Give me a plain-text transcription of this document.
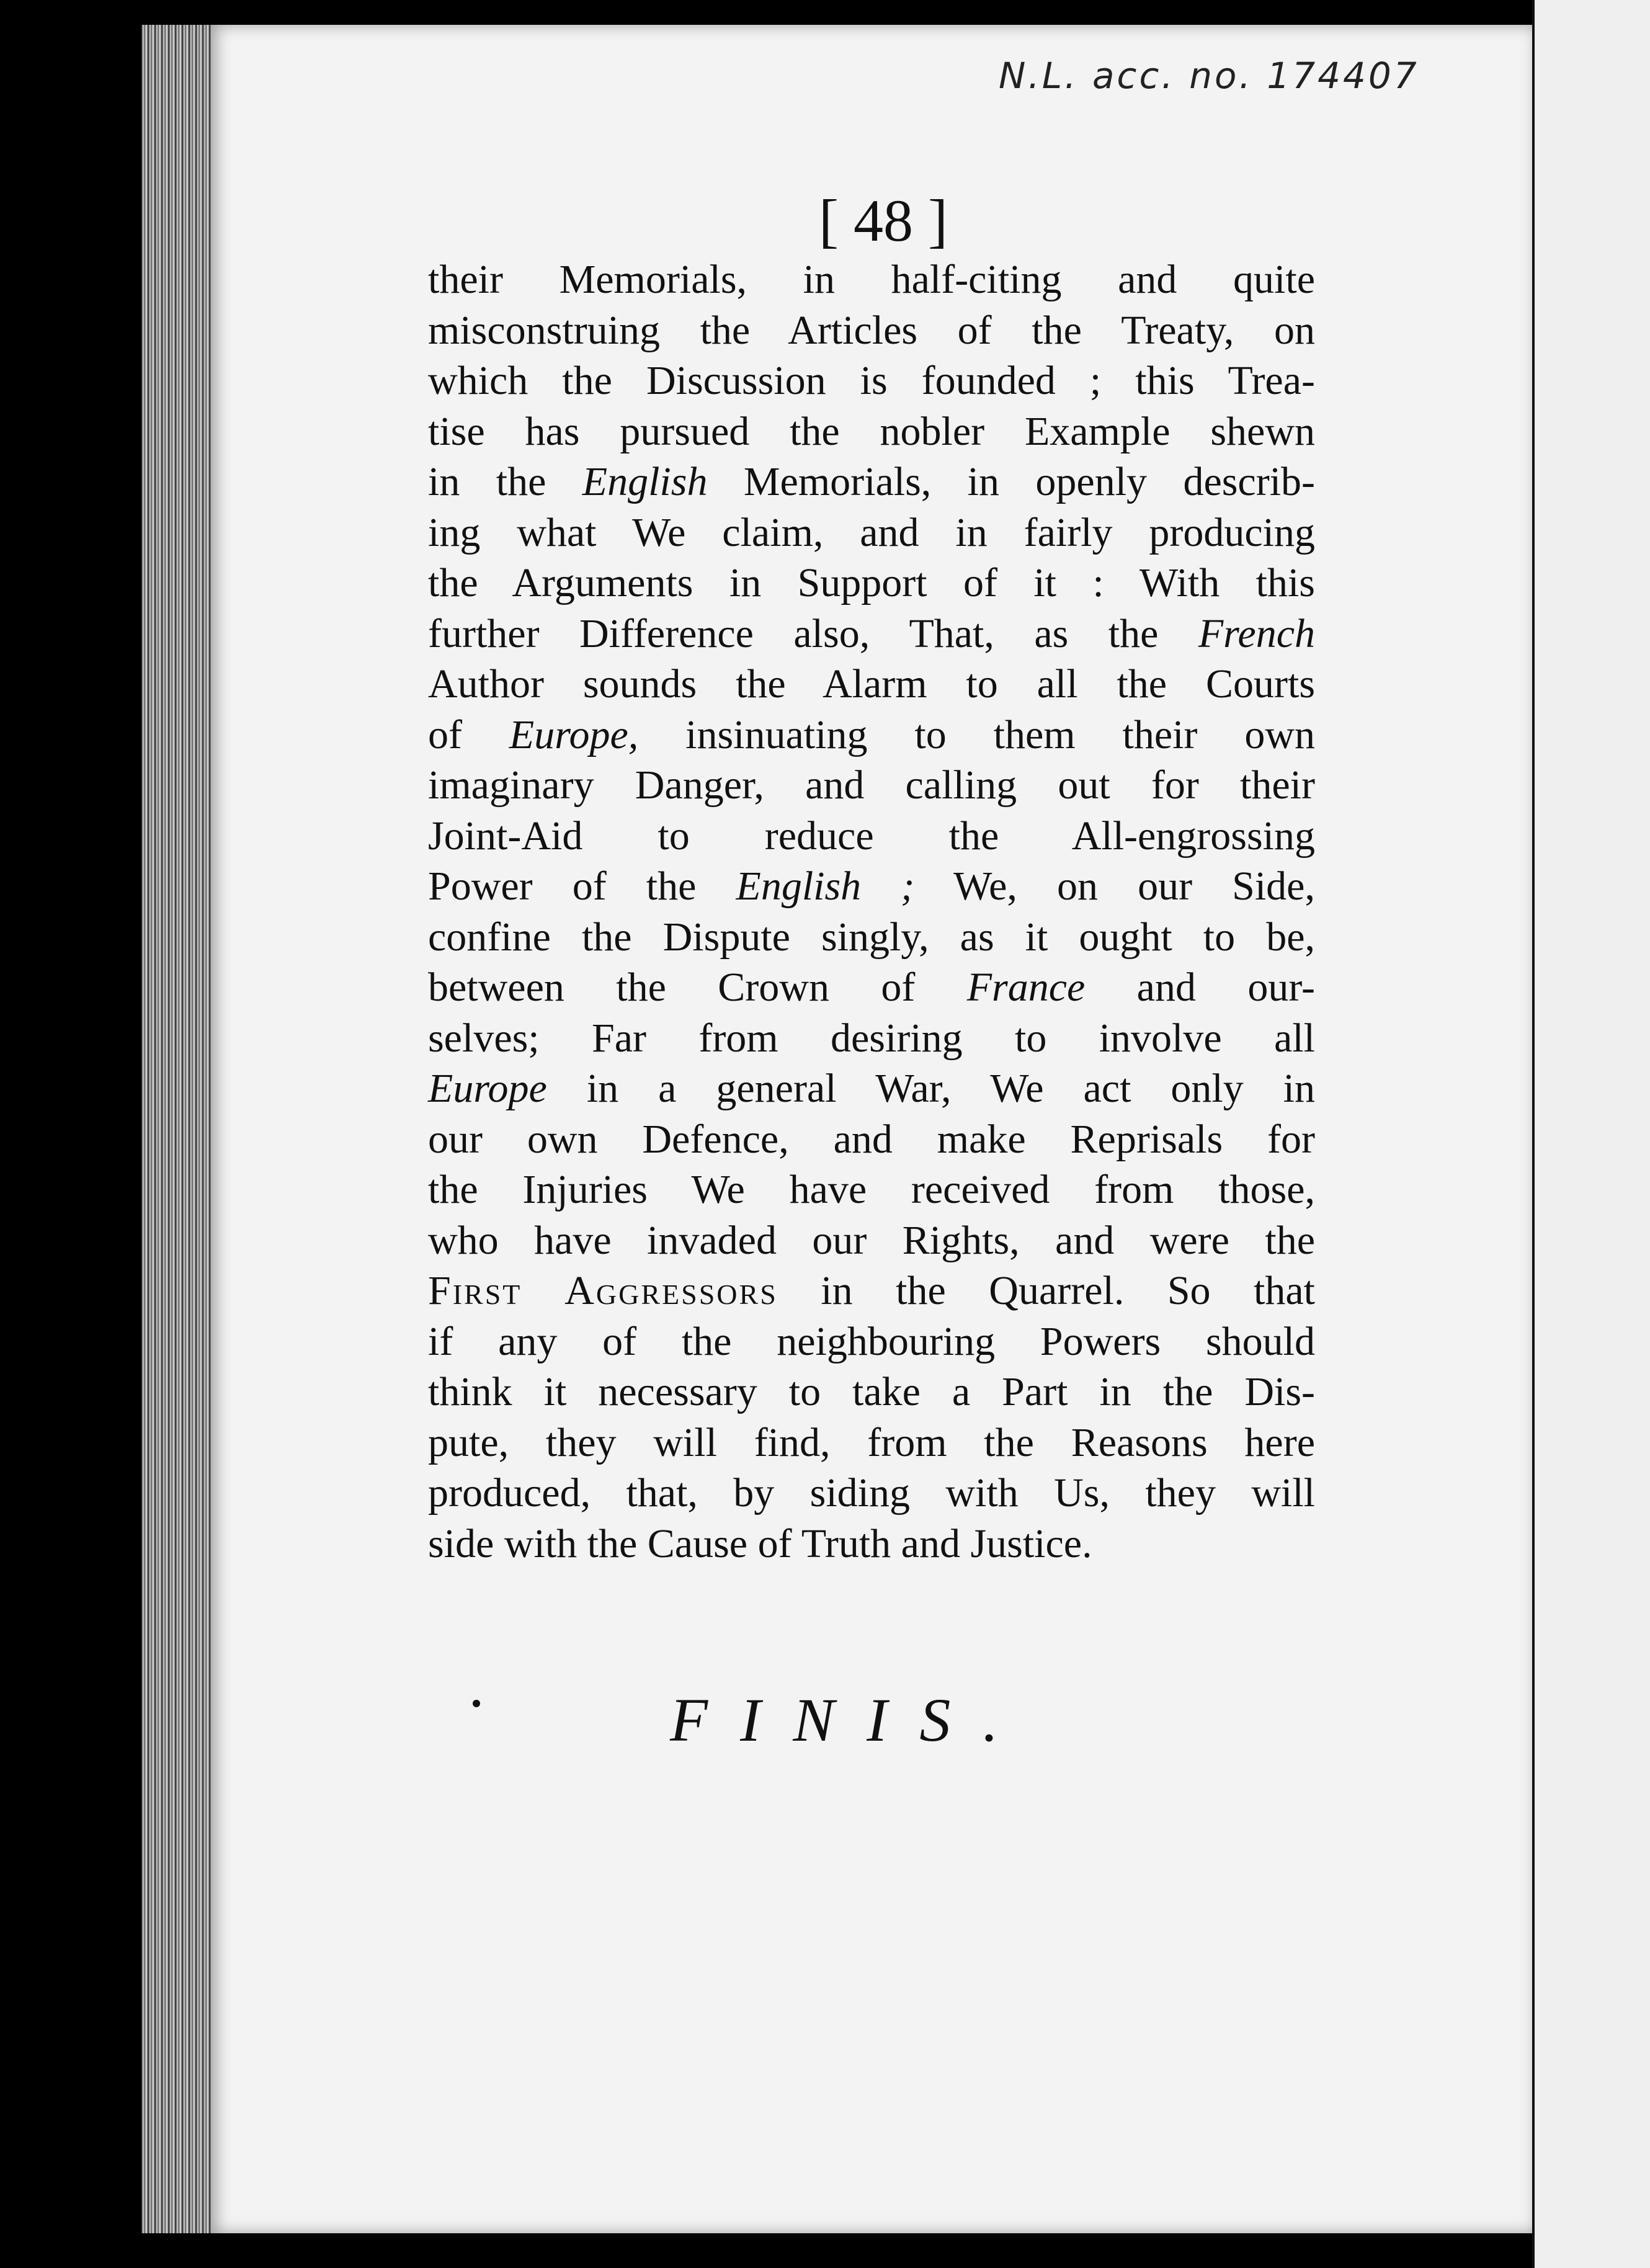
N.L. acc. no. 174407
[ 48 ]
their Memorials, in half-citing and quite
misconstruing the Articles of the Treaty, on
which the Discussion is founded ; this Trea-
tise has pursued the nobler Example shewn
in the English Memorials, in openly describ-
ing what We claim, and in fairly producing
the Arguments in Support of it : With this
further Difference also, That, as the French
Author sounds the Alarm to all the Courts
of Europe, insinuating to them their own
imaginary Danger, and calling out for their
Joint-Aid to reduce the All-engrossing
Power of the English ; We, on our Side,
confine the Dispute singly, as it ought to be,
between the Crown of France and our-
selves; Far from desiring to involve all
Europe in a general War, We act only in
our own Defence, and make Reprisals for
the Injuries We have received from those,
who have invaded our Rights, and were the
First Aggressors in the Quarrel. So that
if any of the neighbouring Powers should
think it necessary to take a Part in the Dis-
pute, they will find, from the Reasons here
produced, that, by siding with Us, they will
side with the Cause of Truth and Justice.
FINIS.
